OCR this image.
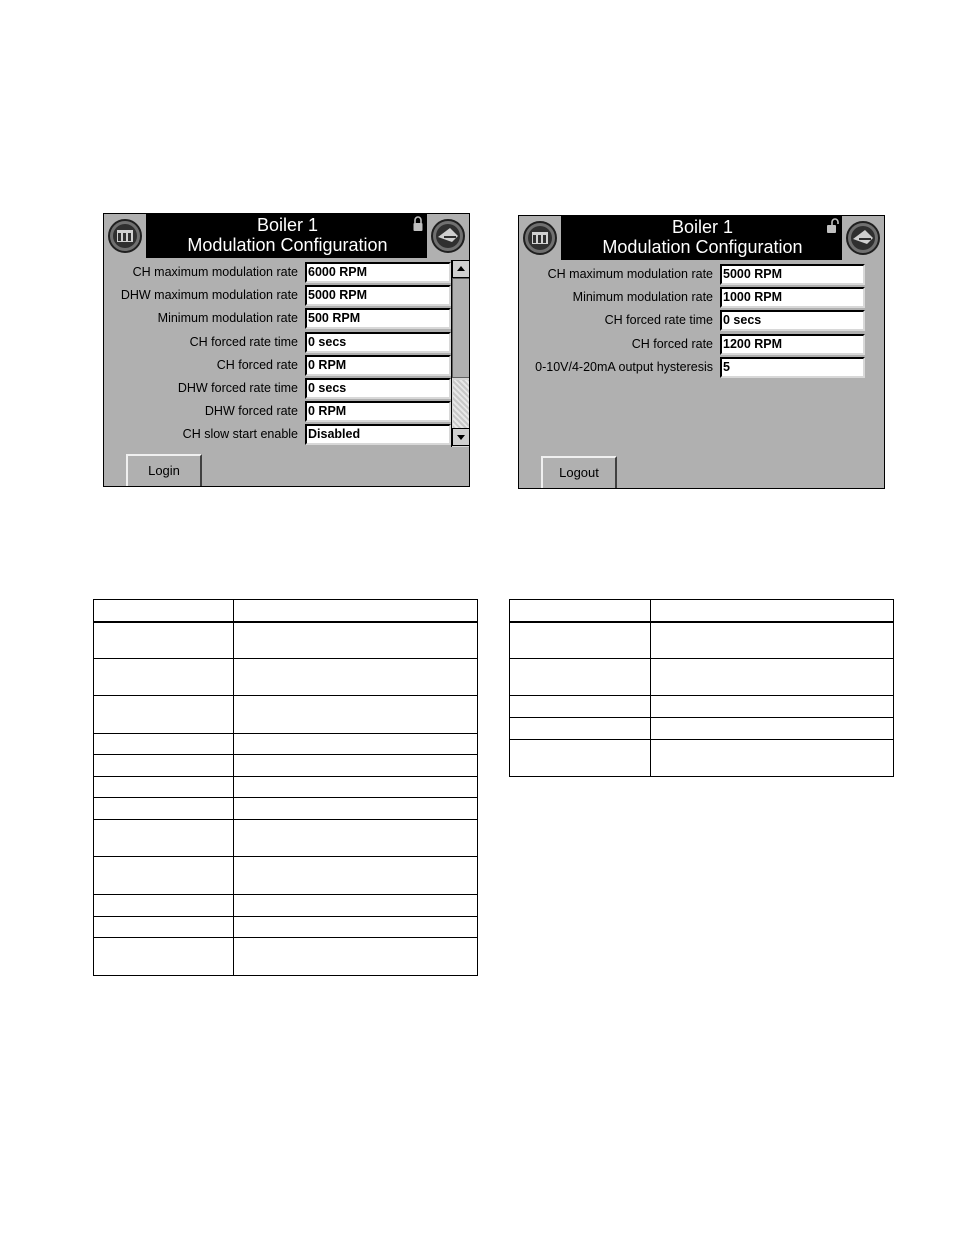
Boiler 1
Modulation Configuration
CH maximum modulation rate 6000 RPM
DHW maximum modulation rate 5000 RPM
Minimum modulation rate 500 RPM
CH forced rate time 0 secs
CH forced rate 0 RPM
DHW forced rate time 0 secs
DHW forced rate 0 RPM
CH slow start enable Disabled
Login
Boiler 1
Modulation Configuration
CH maximum modulation rate 5000 RPM
Minimum modulation rate 1000 RPM
CH forced rate time 0 secs
CH forced rate 1200 RPM
0-10V/4-20mA output hysteresis 5
Logout
